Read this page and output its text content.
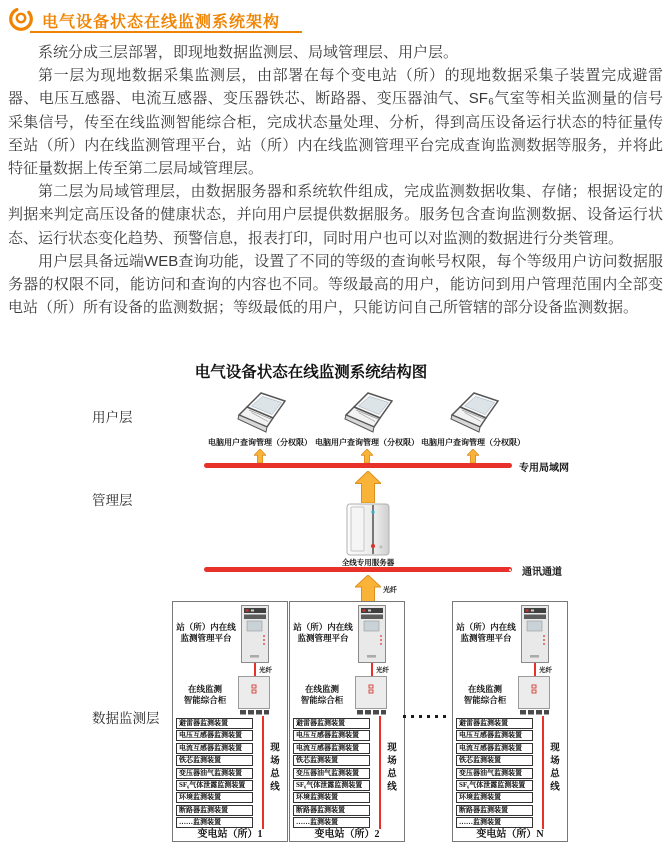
电气设备状态在线监测系统架构

系统分成三层部署，即现地数据监测层、局域管理层、用户层。

第一层为现地数据采集监测层，由部署在每个变电站（所）的现地数据采集子装置完成避雷器、电压互感器、电流互感器、变压器铁芯、断路器、变压器油气、SF₆气室等相关监测量的信号采集信号，传至在线监测智能综合柜，完成状态量处理、分析，得到高压设备运行状态的特征量传至站（所）内在线监测管理平台，站（所）内在线监测管理平台完成查询监测数据等服务，并将此特征量数据上传至第二层局域管理层。

第二层为局域管理层，由数据服务器和系统软件组成，完成监测数据收集、存储；根据设定的判据来判定高压设备的健康状态，并向用户层提供数据服务。服务包含查询监测数据、设备运行状态、运行状态变化趋势、预警信息，报表打印，同时用户也可以对监测的数据进行分类管理。

用户层具备远端WEB查询功能，设置了不同的等级的查询帐号权限，每个等级用户访问数据服务器的权限不同，能访问和查询的内容也不同。等级最高的用户，能访问到用户管理范围内全部变电站（所）所有设备的监测数据；等级最低的用户，只能访问自己所管辖的部分设备监测数据。

电气设备状态在线监测系统结构图
用户层
管理层
数据监测层
电脑用户查询管理（分权限） 电脑用户查询管理（分权限） 电脑用户查询管理（分权限）
专用局域网
全线专用服务器
通讯通道
光纤
站（所）内在线
监测管理平台
光纤
在线监测
智能综合柜
避雷器监测装置
电压互感器监测装置
电流互感器监测装置
铁芯监测装置
变压器油气监测装置
SF₆气体泄露监测装置
环境监测装置
断路器监测装置
……监测装置
现场总线
变电站（所）1
站（所）内在线
监测管理平台
光纤
在线监测
智能综合柜
避雷器监测装置
电压互感器监测装置
电流互感器监测装置
铁芯监测装置
变压器油气监测装置
SF₆气体泄露监测装置
环境监测装置
断路器监测装置
……监测装置
现场总线
变电站（所）2
站（所）内在线
监测管理平台
光纤
在线监测
智能综合柜
避雷器监测装置
电压互感器监测装置
电流互感器监测装置
铁芯监测装置
变压器油气监测装置
SF₆气体泄露监测装置
环境监测装置
断路器监测装置
……监测装置
现场总线
变电站（所）N
